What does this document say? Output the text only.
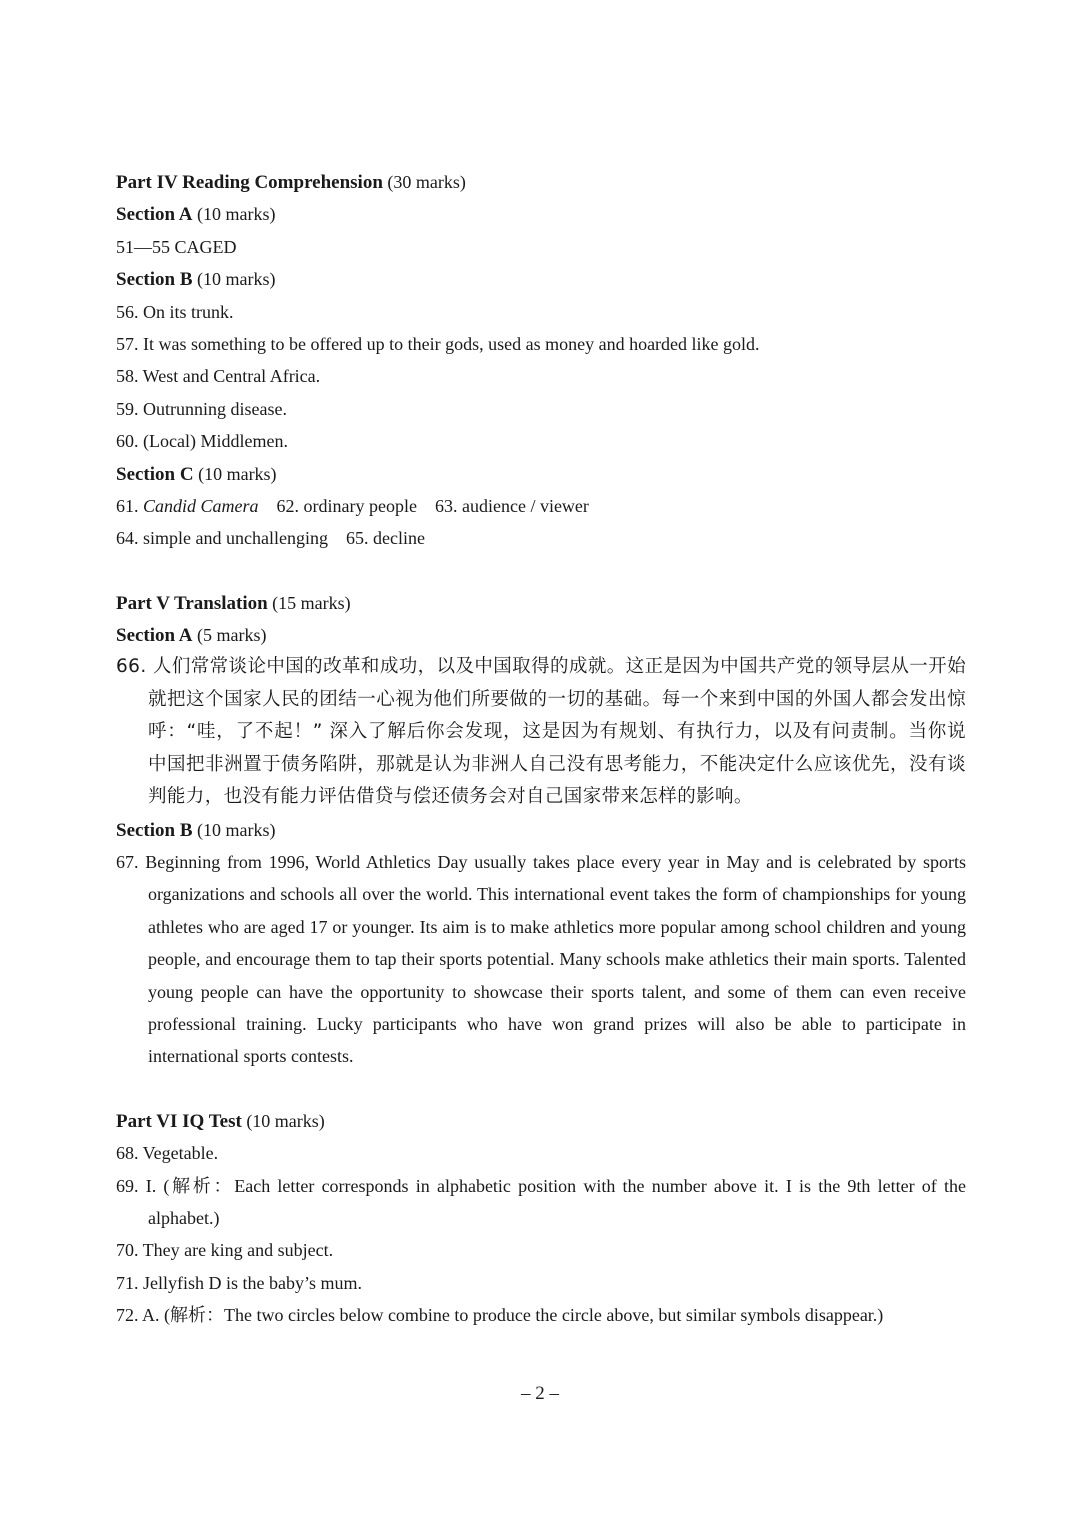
Part IV Reading Comprehension (30 marks)
Section A (10 marks)
51—55 CAGED
Section B (10 marks)
56. On its trunk.
57. It was something to be offered up to their gods, used as money and hoarded like gold.
58. West and Central Africa.
59. Outrunning disease.
60. (Local) Middlemen.
Section C (10 marks)
61. Candid Camera 62. ordinary people 63. audience / viewer
64. simple and unchallenging 65. decline
Part V Translation (15 marks)
Section A (5 marks)
66. 人们常常谈论中国的改革和成功，以及中国取得的成就。这正是因为中国共产党的领导层从一开始就把这个国家人民的团结一心视为他们所要做的一切的基础。每一个来到中国的外国人都会发出惊呼：“哇，了不起！” 深入了解后你会发现，这是因为有规划、有执行力，以及有问责制。当你说中国把非洲置于债务陷阱，那就是认为非洲人自己没有思考能力，不能决定什么应该优先，没有谈判能力，也没有能力评估借贷与偿还债务会对自己国家带来怎样的影响。
Section B (10 marks)
67. Beginning from 1996, World Athletics Day usually takes place every year in May and is celebrated by sports organizations and schools all over the world. This international event takes the form of championships for young athletes who are aged 17 or younger. Its aim is to make athletics more popular among school children and young people, and encourage them to tap their sports potential. Many schools make athletics their main sports. Talented young people can have the opportunity to showcase their sports talent, and some of them can even receive professional training. Lucky participants who have won grand prizes will also be able to participate in international sports contests.
Part VI IQ Test (10 marks)
68. Vegetable.
69. I. (解析：Each letter corresponds in alphabetic position with the number above it. I is the 9th letter of the alphabet.)
70. They are king and subject.
71. Jellyfish D is the baby’s mum.
72. A. (解析：The two circles below combine to produce the circle above, but similar symbols disappear.)
– 2 –
